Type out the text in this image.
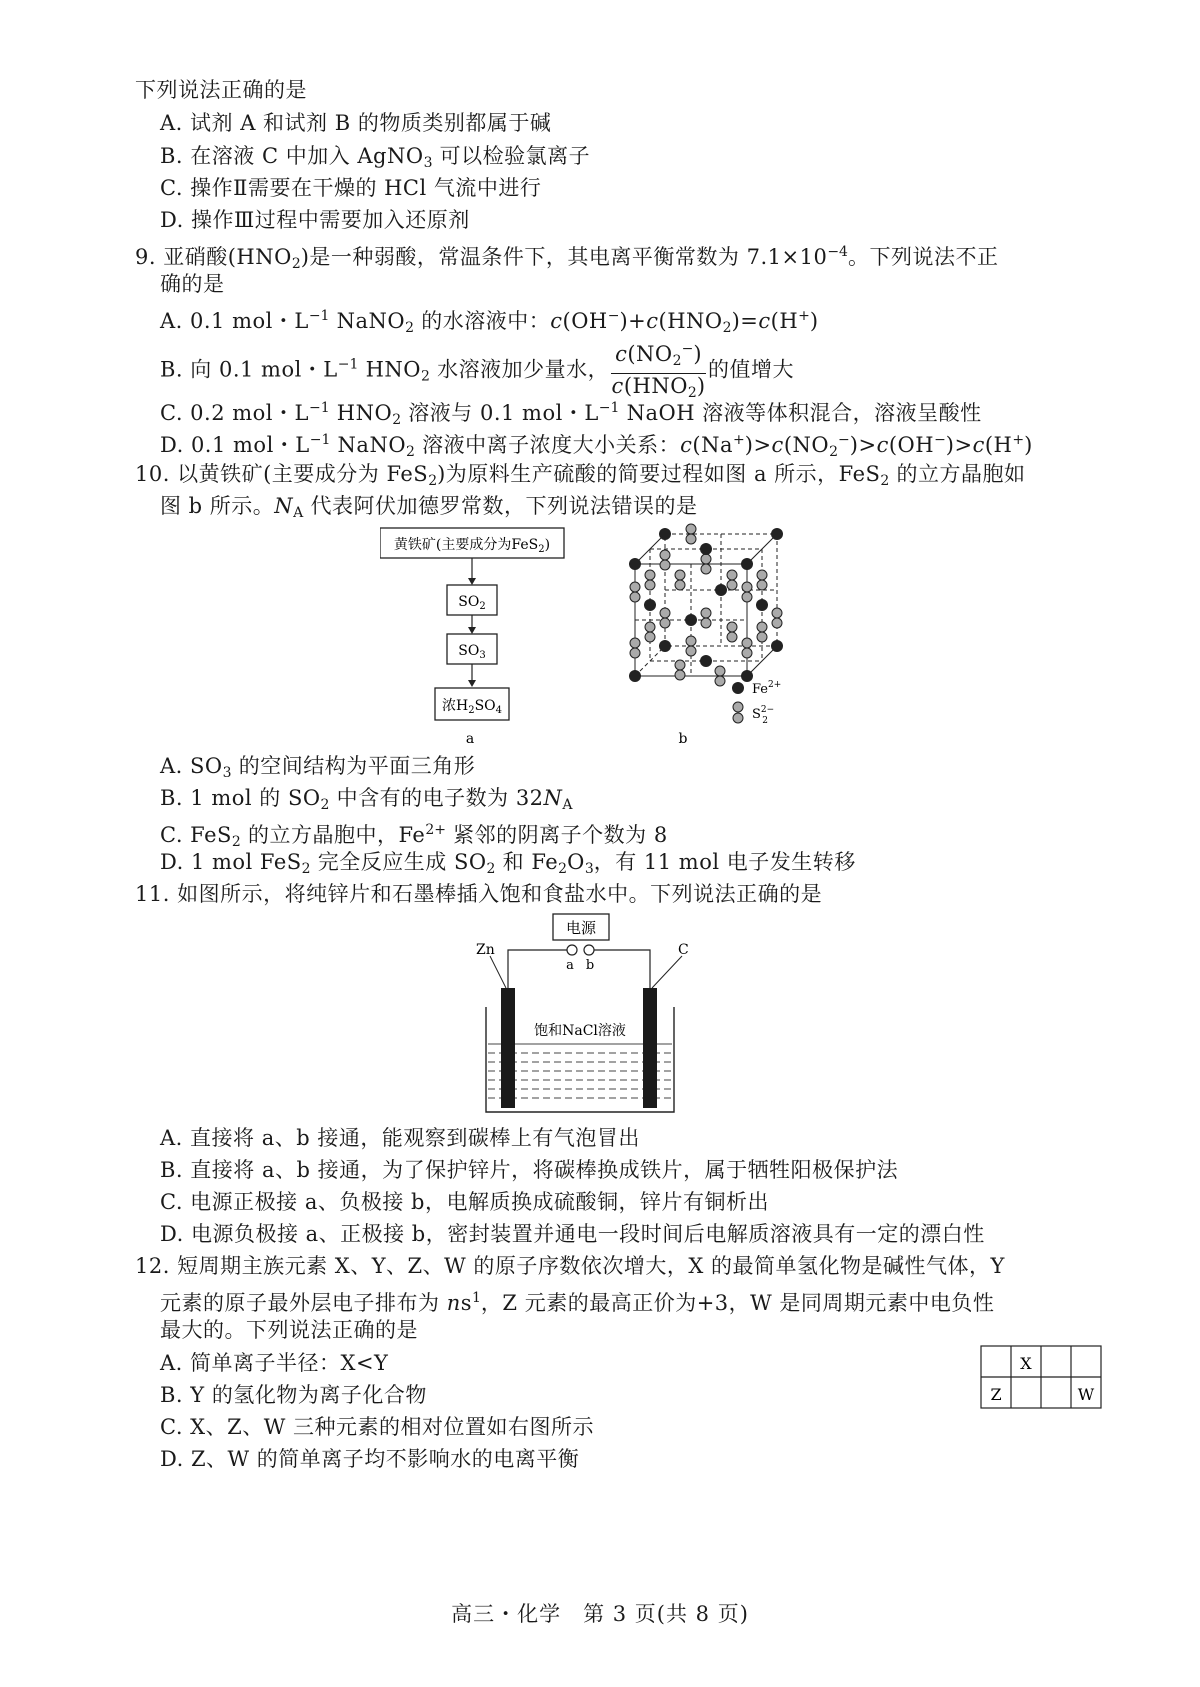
下列说法正确的是
A. 试剂 A 和试剂 B 的物质类别都属于碱
B. 在溶液 C 中加入 AgNO$_3$ 可以检验氯离子
C. 操作Ⅱ需要在干燥的 HCl 气流中进行
D. 操作Ⅲ过程中需要加入还原剂
9. 亚硝酸$(HNO_2)$是一种弱酸，常温条件下，其电离平衡常数为 $7.1\times 10^{-4}$。下列说法不正
确的是
A. 0.1 mol・$L^{-1}$ NaNO$_2$ 的水溶液中：$c(OH^-)+c(HNO_2)=c(H^+)$
B. 向 0.1 mol・$L^{-1}$ $HNO_2$ 水溶液加少量水， $\frac{c(NO_2^-)}{c(HNO_2)}$ 的值增大
C. 0.2 mol・$L^{-1}$ $HNO_2$ 溶液与 0.1 mol・$L^{-1}$ NaOH 溶液等体积混合，溶液呈酸性
D. 0.1 mol・$L^{-1}$ NaNO$_2$ 溶液中离子浓度大小关系：$c(Na^+)>c(NO_2^-)>c(OH^-)>c(H^+)$
10. 以黄铁矿(主要成分为 FeS$_2$)为原料生产硫酸的简要过程如图 a 所示，FeS$_2$ 的立方晶胞如
图 b 所示。$N_A$ 代表阿伏加德罗常数，下列说法错误的是
黄铁矿(主要成分为FeS$_2$)
$SO_2$
$SO_3$
浓$H_2SO_4$
a
$Fe^{2+}$
$S^{2-}$ 2
b
A. $SO_3$ 的空间结构为平面三角形
B. 1 mol 的 $SO_2$ 中含有的电子数为 $32N_A$
C. FeS$_2$ 的立方晶胞中，$Fe^{2+}$ 紧邻的阴离子个数为 8
D. 1 mol FeS$_2$ 完全反应生成 $SO_2$ 和 $Fe_2O_3$，有 11 mol 电子发生转移
11. 如图所示，将纯锌片和石墨棒插入饱和食盐水中。下列说法正确的是
电源
a b
Zn	C
饱和NaCl溶液
A. 直接将 a、b 接通，能观察到碳棒上有气泡冒出
B. 直接将 a、b 接通，为了保护锌片，将碳棒换成铁片，属于牺牲阳极保护法
C. 电源正极接 a、负极接 b，电解质换成硫酸铜，锌片有铜析出
D. 电源负极接 a、正极接 b，密封装置并通电一段时间后电解质溶液具有一定的漂白性
12. 短周期主族元素 X、Y、Z、W 的原子序数依次增大，X 的最简单氢化物是碱性气体，Y
元素的原子最外层电子排布为 $ns^1$，Z 元素的最高正价为+3，W 是同周期元素中电负性
最大的。下列说法正确的是
A. 简单离子半径：X<Y
B. Y 的氢化物为离子化合物
C. X、Z、W 三种元素的相对位置如右图所示
D. Z、W 的简单离子均不影响水的电离平衡
X
Z	W
高三・化学　第 3 页(共 8 页)
